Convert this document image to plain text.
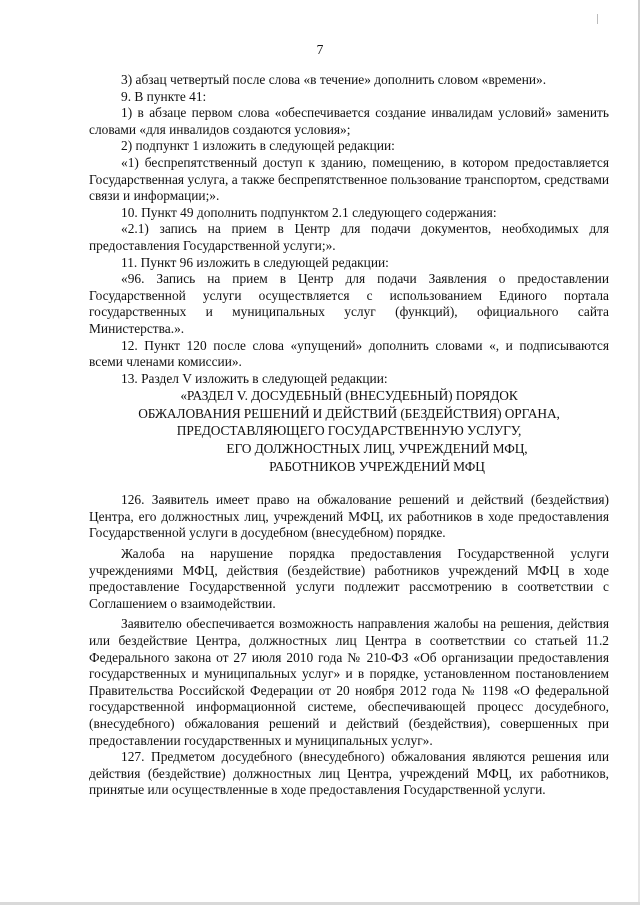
7

3) абзац четвертый после слова «в течение» дополнить словом «времени».

9. В пункте 41:

1) в абзаце первом слова «обеспечивается создание инвалидам условий» заменить словами «для инвалидов создаются условия»;

2) подпункт 1 изложить в следующей редакции:

«1) беспрепятственный доступ к зданию, помещению, в котором предоставляется Государственная услуга, а также беспрепятственное пользование транспортом, средствами связи и информации;».

10. Пункт 49 дополнить подпунктом 2.1 следующего содержания:

«2.1) запись на прием в Центр для подачи документов, необходимых для предоставления Государственной услуги;».

11. Пункт 96 изложить в следующей редакции:

«96. Запись на прием в Центр для подачи Заявления о предоставлении Государственной услуги осуществляется с использованием Единого портала государственных и муниципальных услуг (функций), официального сайта Министерства.».

12. Пункт 120 после слова «упущений» дополнить словами «, и подписываются всеми членами комиссии».

13. Раздел V изложить в следующей редакции:

«РАЗДЕЛ V. ДОСУДЕБНЫЙ (ВНЕСУДЕБНЫЙ) ПОРЯДОК

ОБЖАЛОВАНИЯ РЕШЕНИЙ И ДЕЙСТВИЙ (БЕЗДЕЙСТВИЯ) ОРГАНА,

ПРЕДОСТАВЛЯЮЩЕГО ГОСУДАРСТВЕННУЮ УСЛУГУ,

ЕГО ДОЛЖНОСТНЫХ ЛИЦ, УЧРЕЖДЕНИЙ МФЦ,

РАБОТНИКОВ УЧРЕЖДЕНИЙ МФЦ

126. Заявитель имеет право на обжалование решений и действий (бездействия) Центра, его должностных лиц, учреждений МФЦ, их работников в ходе предоставления Государственной услуги в досудебном (внесудебном) порядке.

Жалоба на нарушение порядка предоставления Государственной услуги учреждениями МФЦ, действия (бездействие) работников учреждений МФЦ в ходе предоставление Государственной услуги подлежит рассмотрению в соответствии с Соглашением о взаимодействии.

Заявителю обеспечивается возможность направления жалобы на решения, действия или бездействие Центра, должностных лиц Центра в соответствии со статьей 11.2 Федерального закона от 27 июля 2010 года № 210-ФЗ «Об организации предоставления государственных и муниципальных услуг» и в порядке, установленном постановлением Правительства Российской Федерации от 20 ноября 2012 года № 1198 «О федеральной государственной информационной системе, обеспечивающей процесс досудебного, (внесудебного) обжалования решений и действий (бездействия), совершенных при предоставлении государственных и муниципальных услуг».

127. Предметом досудебного (внесудебного) обжалования являются решения или действия (бездействие) должностных лиц Центра, учреждений МФЦ, их работников, принятые или осуществленные в ходе предоставления Государственной услуги.
